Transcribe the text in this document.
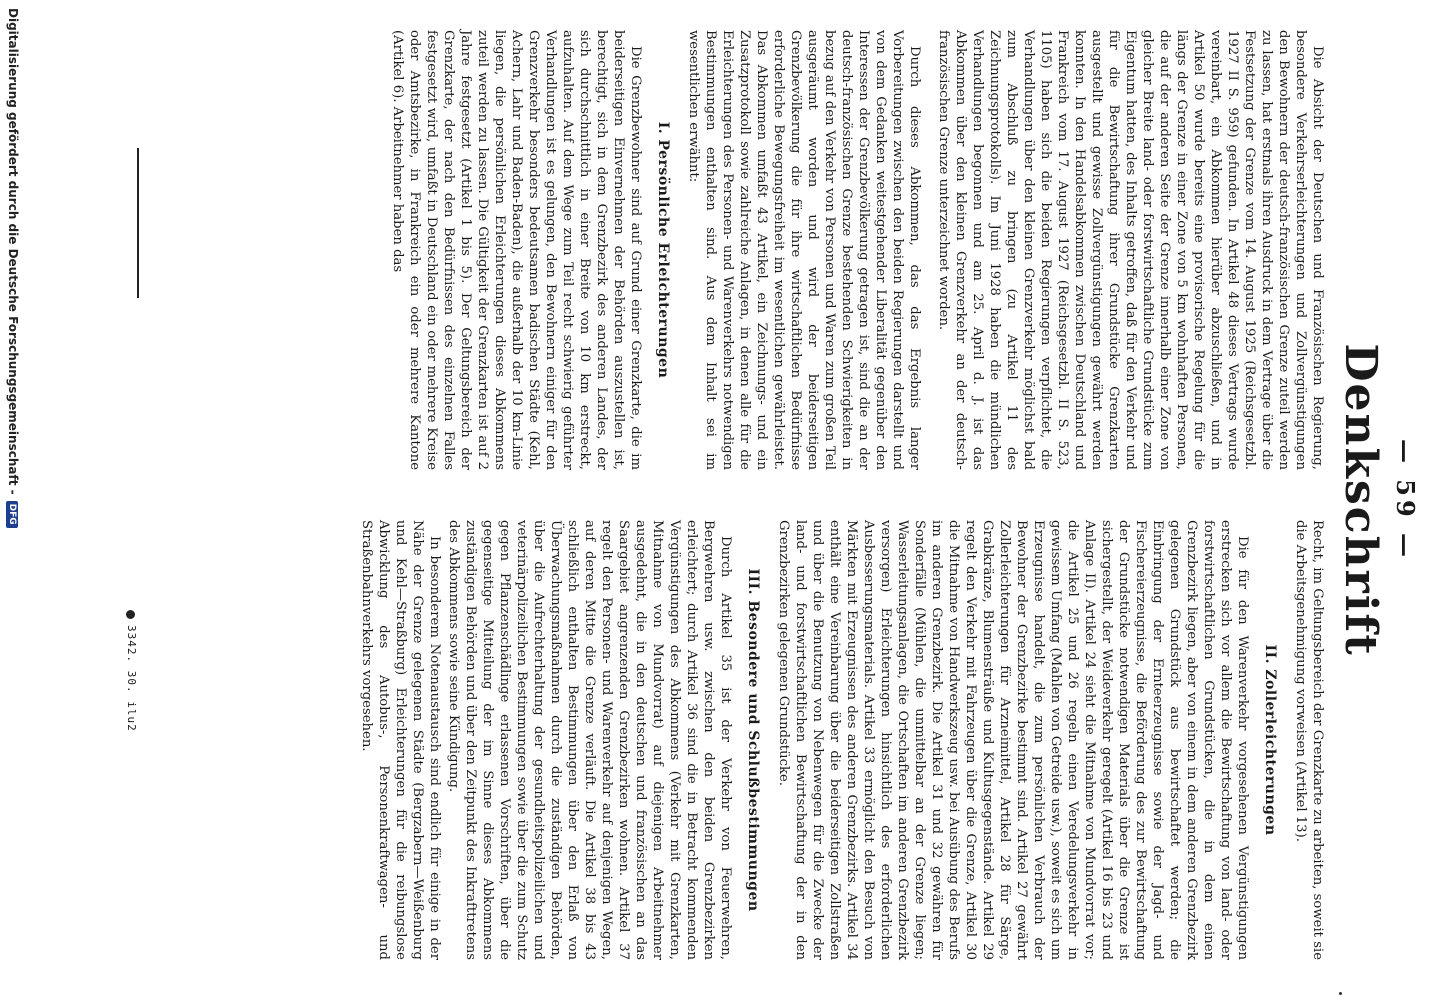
— 59 —
Denkschrift

Die Absicht der Deutschen und Französischen Regierung, besondere Verkehrserleichterungen und Zollvergünstigungen den Bewohnern der deutsch-französischen Grenze zuteil werden zu lassen, hat erstmals ihren Ausdruck in dem Vertrage über die Festsetzung der Grenze vom 14. August 1925 (Reichsgesetzbl. 1927 II S. 959) gefunden. In Artikel 48 dieses Vertrags wurde vereinbart, ein Abkommen hierüber abzuschließen, und in Artikel 50 wurde bereits eine provisorische Regelung für die längs der Grenze in einer Zone von 5 km wohnhaften Personen, die auf der anderen Seite der Grenze innerhalb einer Zone von gleicher Breite land- oder forstwirtschaftliche Grundstücke zum Eigentum hatten, des Inhalts getroffen, daß für den Verkehr und für die Bewirtschaftung ihrer Grundstücke Grenzkarten ausgestellt und gewisse Zollvergünstigungen gewährt werden konnten. In den Handelsabkommen zwischen Deutschland und Frankreich vom 17. August 1927 (Reichsgesetzbl. II S. 523, 1105) haben sich die beiden Regierungen verpflichtet, die Verhandlungen über den kleinen Grenzverkehr möglichst bald zum Abschluß zu bringen (zu Artikel 11 des Zeichnungsprotokolls). Im Juni 1928 haben die mündlichen Verhandlungen begonnen und am 25. April d. J. ist das Abkommen über den kleinen Grenzverkehr an der deutsch-französischen Grenze unterzeichnet worden.

Durch dieses Abkommen, das das Ergebnis langer Vorbereitungen zwischen den beiden Regierungen darstellt und von dem Gedanken weitestgehender Liberalität gegenüber den Interessen der Grenzbevölkerung getragen ist, sind die an der deutsch-französischen Grenze bestehenden Schwierigkeiten in bezug auf den Verkehr von Personen und Waren zum großen Teil ausgeräumt worden und wird der beiderseitigen Grenzbevölkerung die für ihre wirtschaftlichen Bedürfnisse erforderliche Bewegungsfreiheit im wesentlichen gewährleistet. Das Abkommen umfaßt 43 Artikel, ein Zeichnungs- und ein Zusatzprotokoll sowie zahlreiche Anlagen, in denen alle für die Erleichterungen des Personen- und Warenverkehrs notwendigen Bestimmungen enthalten sind. Aus dem Inhalt sei im wesentlichen erwähnt:

I. Persönliche Erleichterungen

Die Grenzbewohner sind auf Grund einer Grenzkarte, die im beiderseitigen Einvernehmen der Behörden auszustellen ist, berechtigt, sich in dem Grenzbezirk des anderen Landes, der sich durchschnittlich in einer Breite von 10 km erstreckt, aufzuhalten. Auf dem Wege zum Teil recht schwierig geführter Verhandlungen ist es gelungen, den Bewohnern einiger für den Grenzverkehr besonders bedeutsamen badischen Städte (Kehl, Achern, Lahr und Baden-Baden), die außerhalb der 10 km-Linie liegen, die persönlichen Erleichterungen dieses Abkommens zuteil werden zu lassen. Die Gültigkeit der Grenzkarten ist auf 2 Jahre festgesetzt (Artikel 1 bis 5). Der Geltungsbereich der Grenzkarte, der nach den Bedürfnissen des einzelnen Falles festgesetzt wird, umfaßt in Deutschland ein oder mehrere Kreise oder Amtsbezirke, in Frankreich ein oder mehrere Kantone (Artikel 6). Arbeitnehmer haben das

Recht, im Geltungsbereich der Grenzkarte zu arbeiten, soweit sie die Arbeitsgenehmigung vorweisen (Artikel 13).

II. Zollerleichterungen

Die für den Warenverkehr vorgesehenen Vergünstigungen erstrecken sich vor allem die Bewirtschaftung von land- oder forstwirtschaftlichen Grundstücken, die in dem einen Grenzbezirk liegen, aber von einem in dem anderen Grenzbezirk gelegenen Grundstück aus bewirtschaftet werden; die Einbringung der Ernteerzeugnisse sowie der Jagd- und Fischereierzeugnisse, die Beförderung des zur Bewirtschaftung der Grundstücke notwendigen Materials über die Grenze ist sichergestellt, der Weideverkehr geregelt (Artikel 16 bis 23 und Anlage II). Artikel 24 sieht die Mitnahme von Mundvorrat vor; die Artikel 25 und 26 regeln einen Veredelungsverkehr in gewissem Umfang (Mahlen von Getreide usw.), soweit es sich um Erzeugnisse handelt, die zum persönlichen Verbrauch der Bewohner der Grenzbezirke bestimmt sind. Artikel 27 gewährt Zollerleichterungen für Arzneimittel, Artikel 28 für Särge, Grabkränze, Blumensträuße und Kultusgegenstände. Artikel 29 regelt den Verkehr mit Fahrzeugen über die Grenze, Artikel 30 die Mitnahme von Handwerkszeug usw. bei Ausübung des Berufs im anderen Grenzbezirk. Die Artikel 31 und 32 gewähren für Sonderfälle (Mühlen, die unmittelbar an der Grenze liegen; Wasserleitungsanlagen, die Ortschaften im anderen Grenzbezirk versorgen) Erleichterungen hinsichtlich des erforderlichen Ausbesserungsmaterials. Artikel 33 ermöglicht den Besuch von Märkten mit Erzeugnissen des anderen Grenzbezirks. Artikel 34 enthält eine Vereinbarung über die beiderseitigen Zollstraßen und über die Benutzung von Nebenwegen für die Zwecke der land- und forstwirtschaftlichen Bewirtschaftung der in den Grenzbezirken gelegenen Grundstücke.

III. Besondere und Schlußbestimmungen

Durch Artikel 35 ist der Verkehr von Feuerwehren, Bergwehren usw. zwischen den beiden Grenzbezirken erleichtert; durch Artikel 36 sind die in Betracht kommenden Vergünstigungen des Abkommens (Verkehr mit Grenzkarten, Mitnahme von Mundvorrat) auf diejenigen Arbeitnehmer ausgedehnt, die in den deutschen und französischen an das Saargebiet angrenzenden Grenzbezirken wohnen. Artikel 37 regelt den Personen- und Warenverkehr auf denjenigen Wegen, auf deren Mitte die Grenze verläuft. Die Artikel 38 bis 43 schließlich enthalten Bestimmungen über den Erlaß von Überwachungsmaßnahmen durch die zuständigen Behörden, über die Aufrechterhaltung der gesundheitspolizeilichen und veterinärpolizeilichen Bestimmungen sowie über die zum Schutz gegen Pflanzenschädlinge erlassenen Vorschriften, über die gegenseitige Mitteilung der im Sinne dieses Abkommens zuständigen Behörden und über den Zeitpunkt des Inkrafttretens des Abkommens sowie seine Kündigung.

In besonderem Notenaustausch sind endlich für einige in der Nähe der Grenze gelegenen Städte (Bergzabern—Weißenburg und Kehl—Straßburg) Erleichterungen für die reibungslose Abwicklung des Autobus-, Personenkraftwagen- und Straßenbahnverkehrs vorgesehen.

3342. 30. ilu2
Digitalisierung gefördert durch die Deutsche Forschungsgemeinschaft -DFG
